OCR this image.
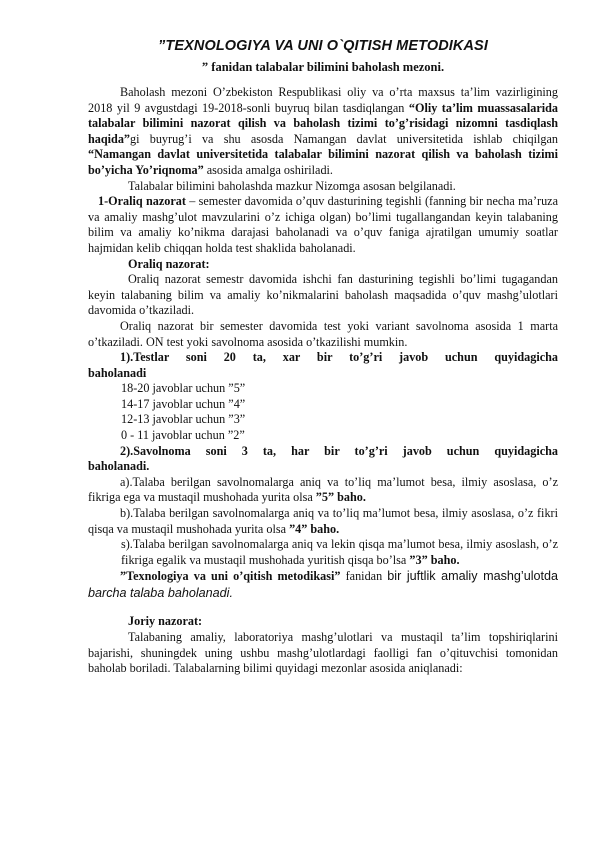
”TEXNOLOGIYA VA UNI O`QITISH METODIKASI
” fanidan talabalar bilimini baholash mezoni.

Baholash mezoni O’zbekiston Respublikasi oliy va o’rta maxsus ta’lim vazirligining 2018 yil 9 avgustdagi 19-2018-sonli buyruq bilan tasdiqlangan “Oliy ta’lim muassasalarida talabalar bilimini nazorat qilish va baholash tizimi to’g’risidagi nizomni tasdiqlash haqida”gi buyrug’i va shu asosda Namangan davlat universitetida ishlab chiqilgan “Namangan davlat universitetida talabalar bilimini nazorat qilish va baholash tizimi bo’yicha Yo’riqnoma” asosida amalga oshiriladi.

Talabalar bilimini baholashda mazkur Nizomga asosan belgilanadi.

1-Oraliq nazorat – semester davomida o’quv dasturining tegishli (fanning bir necha ma’ruza va amaliy mashg’ulot mavzularini o’z ichiga olgan) bo’limi tugallangandan keyin talabaning bilim va amaliy ko’nikma darajasi baholanadi va o’quv faniga ajratilgan umumiy soatlar hajmidan kelib chiqqan holda test shaklida baholanadi.

Oraliq nazorat:

Oraliq nazorat semestr davomida ishchi fan dasturining tegishli bo’limi tugagandan keyin talabaning bilim va amaliy ko’nikmalarini baholash maqsadida o’quv mashg’ulotlari davomida o’tkaziladi.

Oraliq nazorat bir semester davomida test yoki variant savolnoma asosida 1 marta o’tkaziladi. ON test yoki savolnoma asosida o’tkazilishi mumkin.

1).Testlar soni 20 ta, xar bir to’g’ri javob uchun quyidagicha baholanadi

18-20 javoblar uchun ”5”

14-17 javoblar uchun ”4”

12-13 javoblar uchun ”3”

0 - 11 javoblar uchun ”2”

2).Savolnoma soni 3 ta, har bir to’g’ri javob uchun quyidagicha baholanadi.

a).Talaba berilgan savolnomalarga aniq va to’liq ma’lumot besa, ilmiy asoslasa, o’z fikriga ega va mustaqil mushohada yurita olsa ”5” baho.

b).Talaba berilgan savolnomalarga aniq va to’liq ma’lumot besa, ilmiy asoslasa, o’z fikri qisqa va mustaqil mushohada yurita olsa ”4” baho.

s).Talaba berilgan savolnomalarga aniq va lekin qisqa ma’lumot besa, ilmiy asoslash, o’z fikriga egalik va mustaqil mushohada yuritish qisqa bo’lsa ”3” baho.

”Texnologiya va uni o’qitish metodikasi” fanidan bir juftlik amaliy mashg’ulotda barcha talaba baholanadi.

Joriy nazorat:

Talabaning amaliy, laboratoriya mashg’ulotlari va mustaqil ta’lim topshiriqlarini bajarishi, shuningdek uning ushbu mashg’ulotlardagi faolligi fan o’qituvchisi tomonidan baholab boriladi. Talabalarning bilimi quyidagi mezonlar asosida aniqlanadi:
